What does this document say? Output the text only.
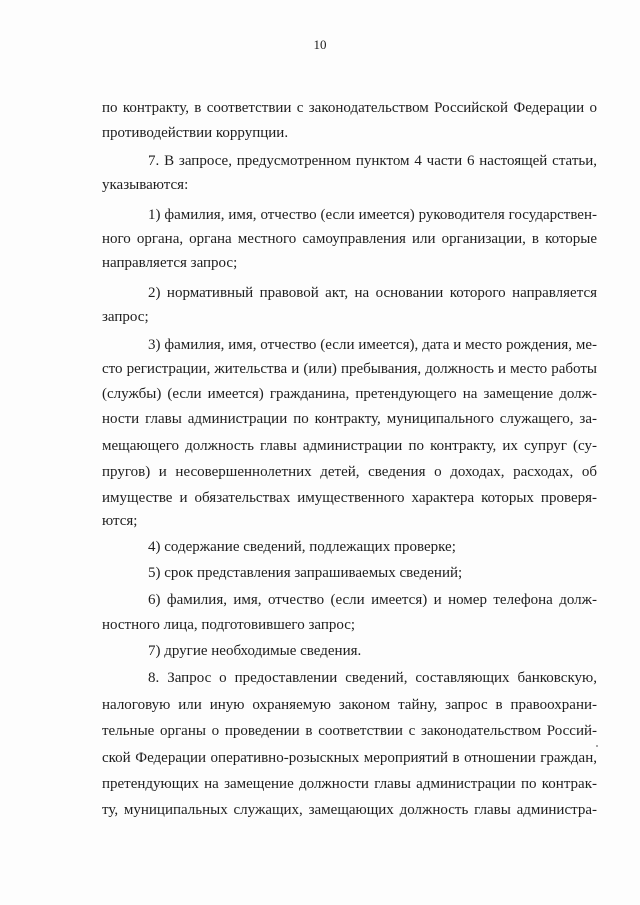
10
по контракту, в соответствии с законодательством Российской Федерации о
противодействии коррупции.
7. В запросе, предусмотренном пунктом 4 части 6 настоящей статьи,
указываются:
1) фамилия, имя, отчество (если имеется) руководителя государствен-
ного органа, органа местного самоуправления или организации, в которые
направляется запрос;
2) нормативный правовой акт, на основании которого направляется
запрос;
3) фамилия, имя, отчество (если имеется), дата и место рождения, ме-
сто регистрации, жительства и (или) пребывания, должность и место работы
(службы) (если имеется) гражданина, претендующего на замещение долж-
ности главы администрации по контракту, муниципального служащего, за-
мещающего должность главы администрации по контракту, их супруг (су-
пругов) и несовершеннолетних детей, сведения о доходах, расходах, об
имуществе и обязательствах имущественного характера которых проверя-
ются;
4) содержание сведений, подлежащих проверке;
5) срок представления запрашиваемых сведений;
6) фамилия, имя, отчество (если имеется) и номер телефона долж-
ностного лица, подготовившего запрос;
7) другие необходимые сведения.
8. Запрос о предоставлении сведений, составляющих банковскую,
налоговую или иную охраняемую законом тайну, запрос в правоохрани-
тельные органы о проведении в соответствии с законодательством Россий-
ской Федерации оперативно-розыскных мероприятий в отношении граждан,
претендующих на замещение должности главы администрации по контрак-
ту, муниципальных служащих, замещающих должность главы администра-
